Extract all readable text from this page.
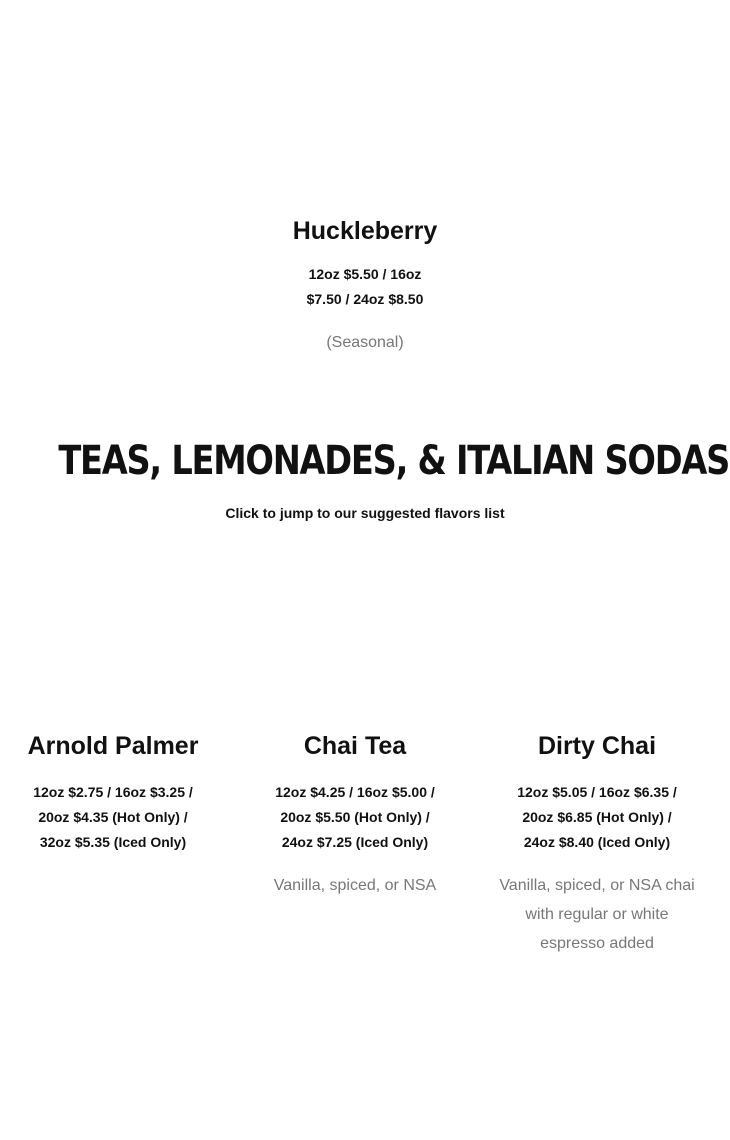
Huckleberry

12oz $5.50 / 16oz

$7.50 / 24oz $8.50

(Seasonal)

TEAS, LEMONADES, & ITALIAN SODAS
Click to jump to our suggested flavors list
Arnold Palmer

12oz $2.75 / 16oz $3.25 /

20oz $4.35 (Hot Only) /

32oz $5.35 (Iced Only)

Chai Tea

12oz $4.25 / 16oz $5.00 /

20oz $5.50 (Hot Only) /

24oz $7.25 (Iced Only)

Vanilla, spiced, or NSA

Dirty Chai

12oz $5.05 / 16oz $6.35 /

20oz $6.85 (Hot Only) /

24oz $8.40 (Iced Only)

Vanilla, spiced, or NSA chai

with regular or white

espresso added
